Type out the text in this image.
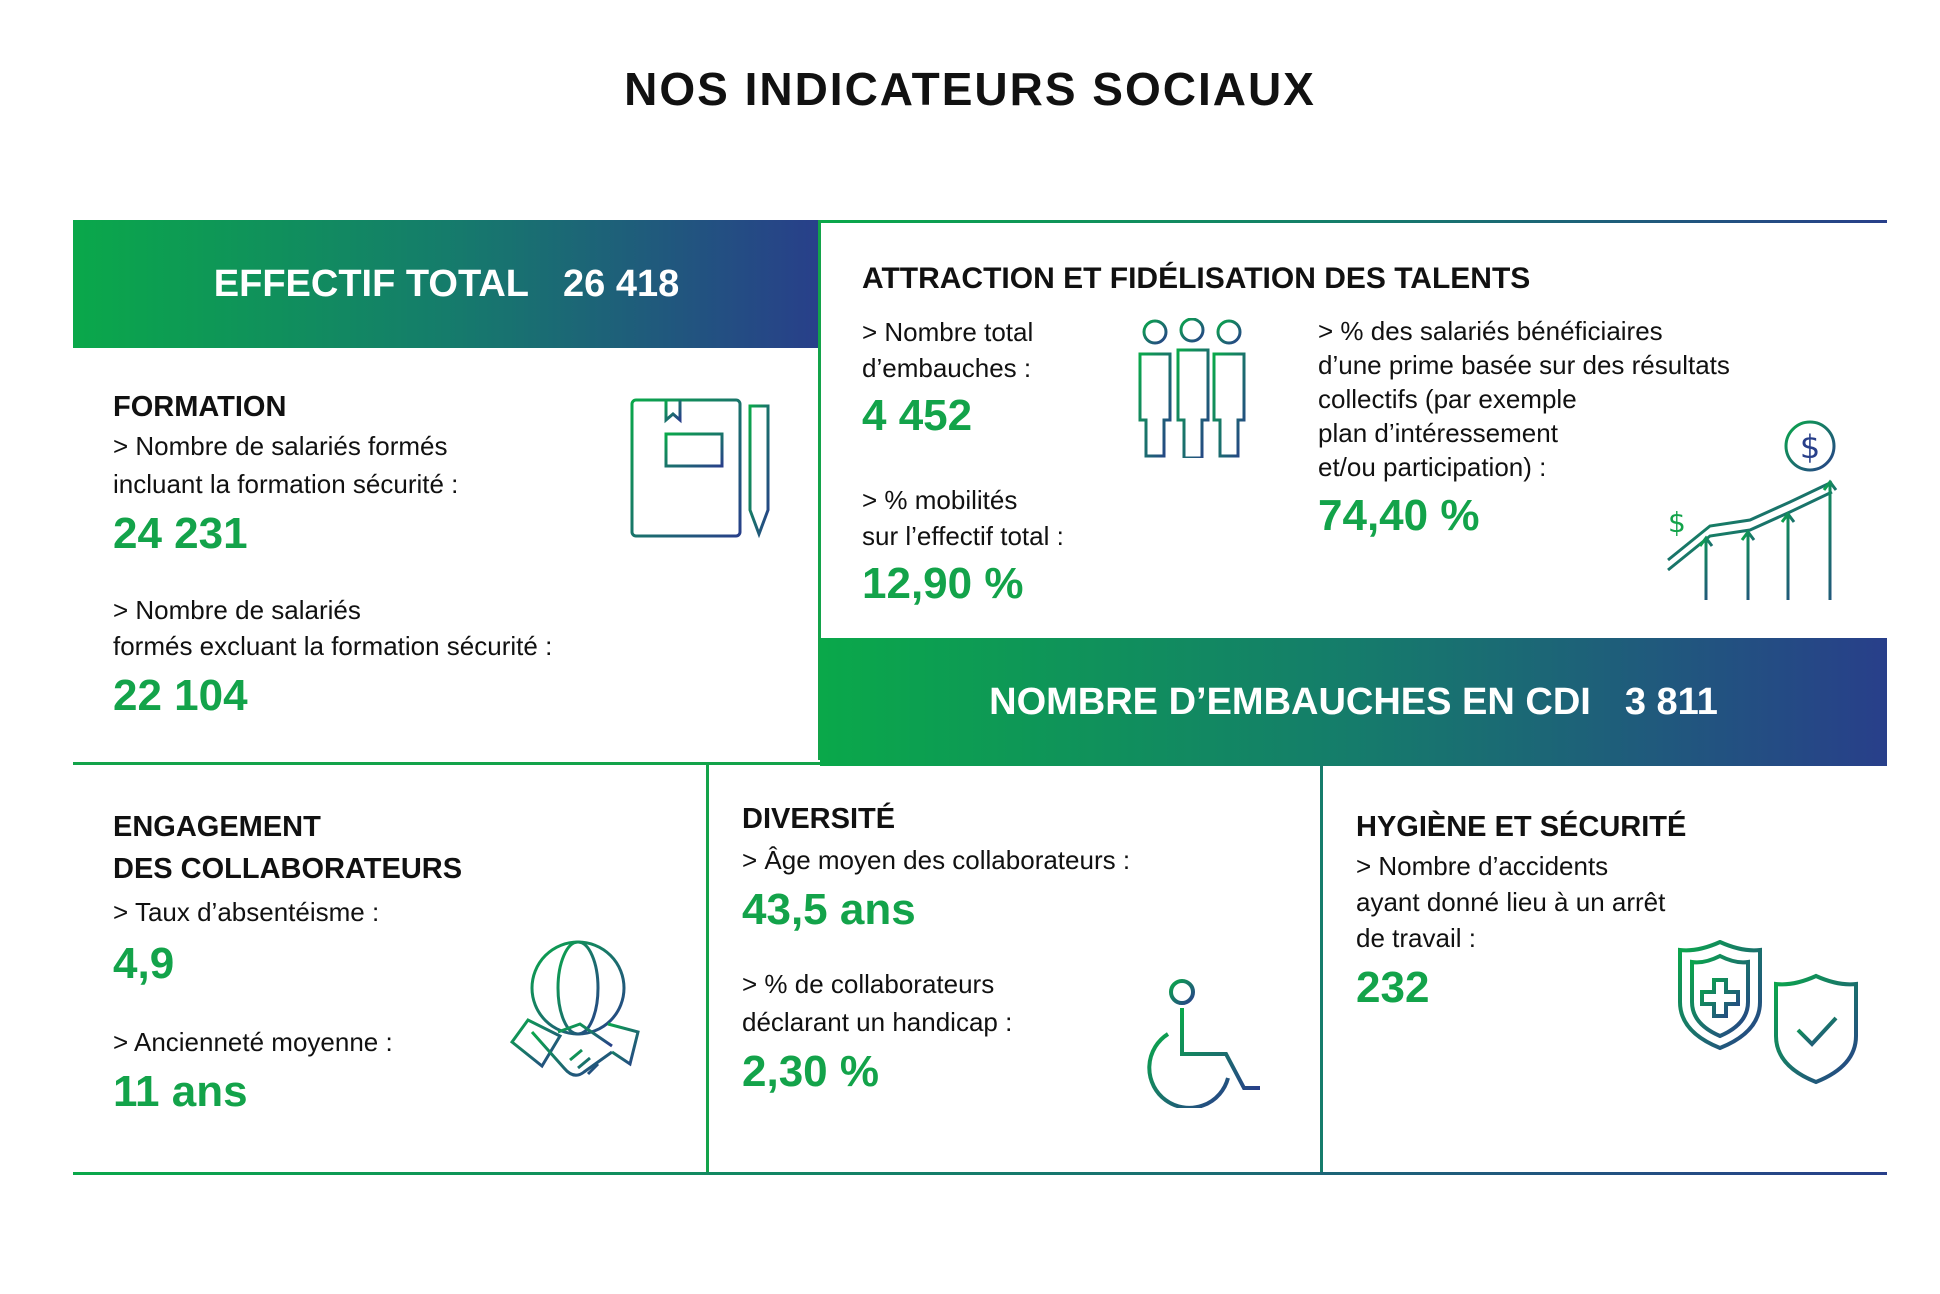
NOS INDICATEURS SOCIAUX
EFFECTIF TOTAL 26 418
FORMATION
> Nombre de salariés formés
incluant la formation sécurité :
24 231
> Nombre de salariés
formés excluant la formation sécurité :
22 104
ATTRACTION ET FIDÉLISATION DES TALENTS
> Nombre total
d’embauches :
4 452
> % mobilités
sur l’effectif total :
12,90 %
> % des salariés bénéficiaires
d’une prime basée sur des résultats
collectifs (par exemple
plan d’intéressement
et/ou participation) :
74,40 %
$
$
NOMBRE D’EMBAUCHES EN CDI 3 811
ENGAGEMENT
DES COLLABORATEURS
> Taux d’absentéisme :
4,9
> Ancienneté moyenne :
11 ans
DIVERSITÉ
> Âge moyen des collaborateurs :
43,5 ans
> % de collaborateurs
déclarant un handicap :
2,30 %
HYGIÈNE ET SÉCURITÉ
> Nombre d’accidents
ayant donné lieu à un arrêt
de travail :
232
